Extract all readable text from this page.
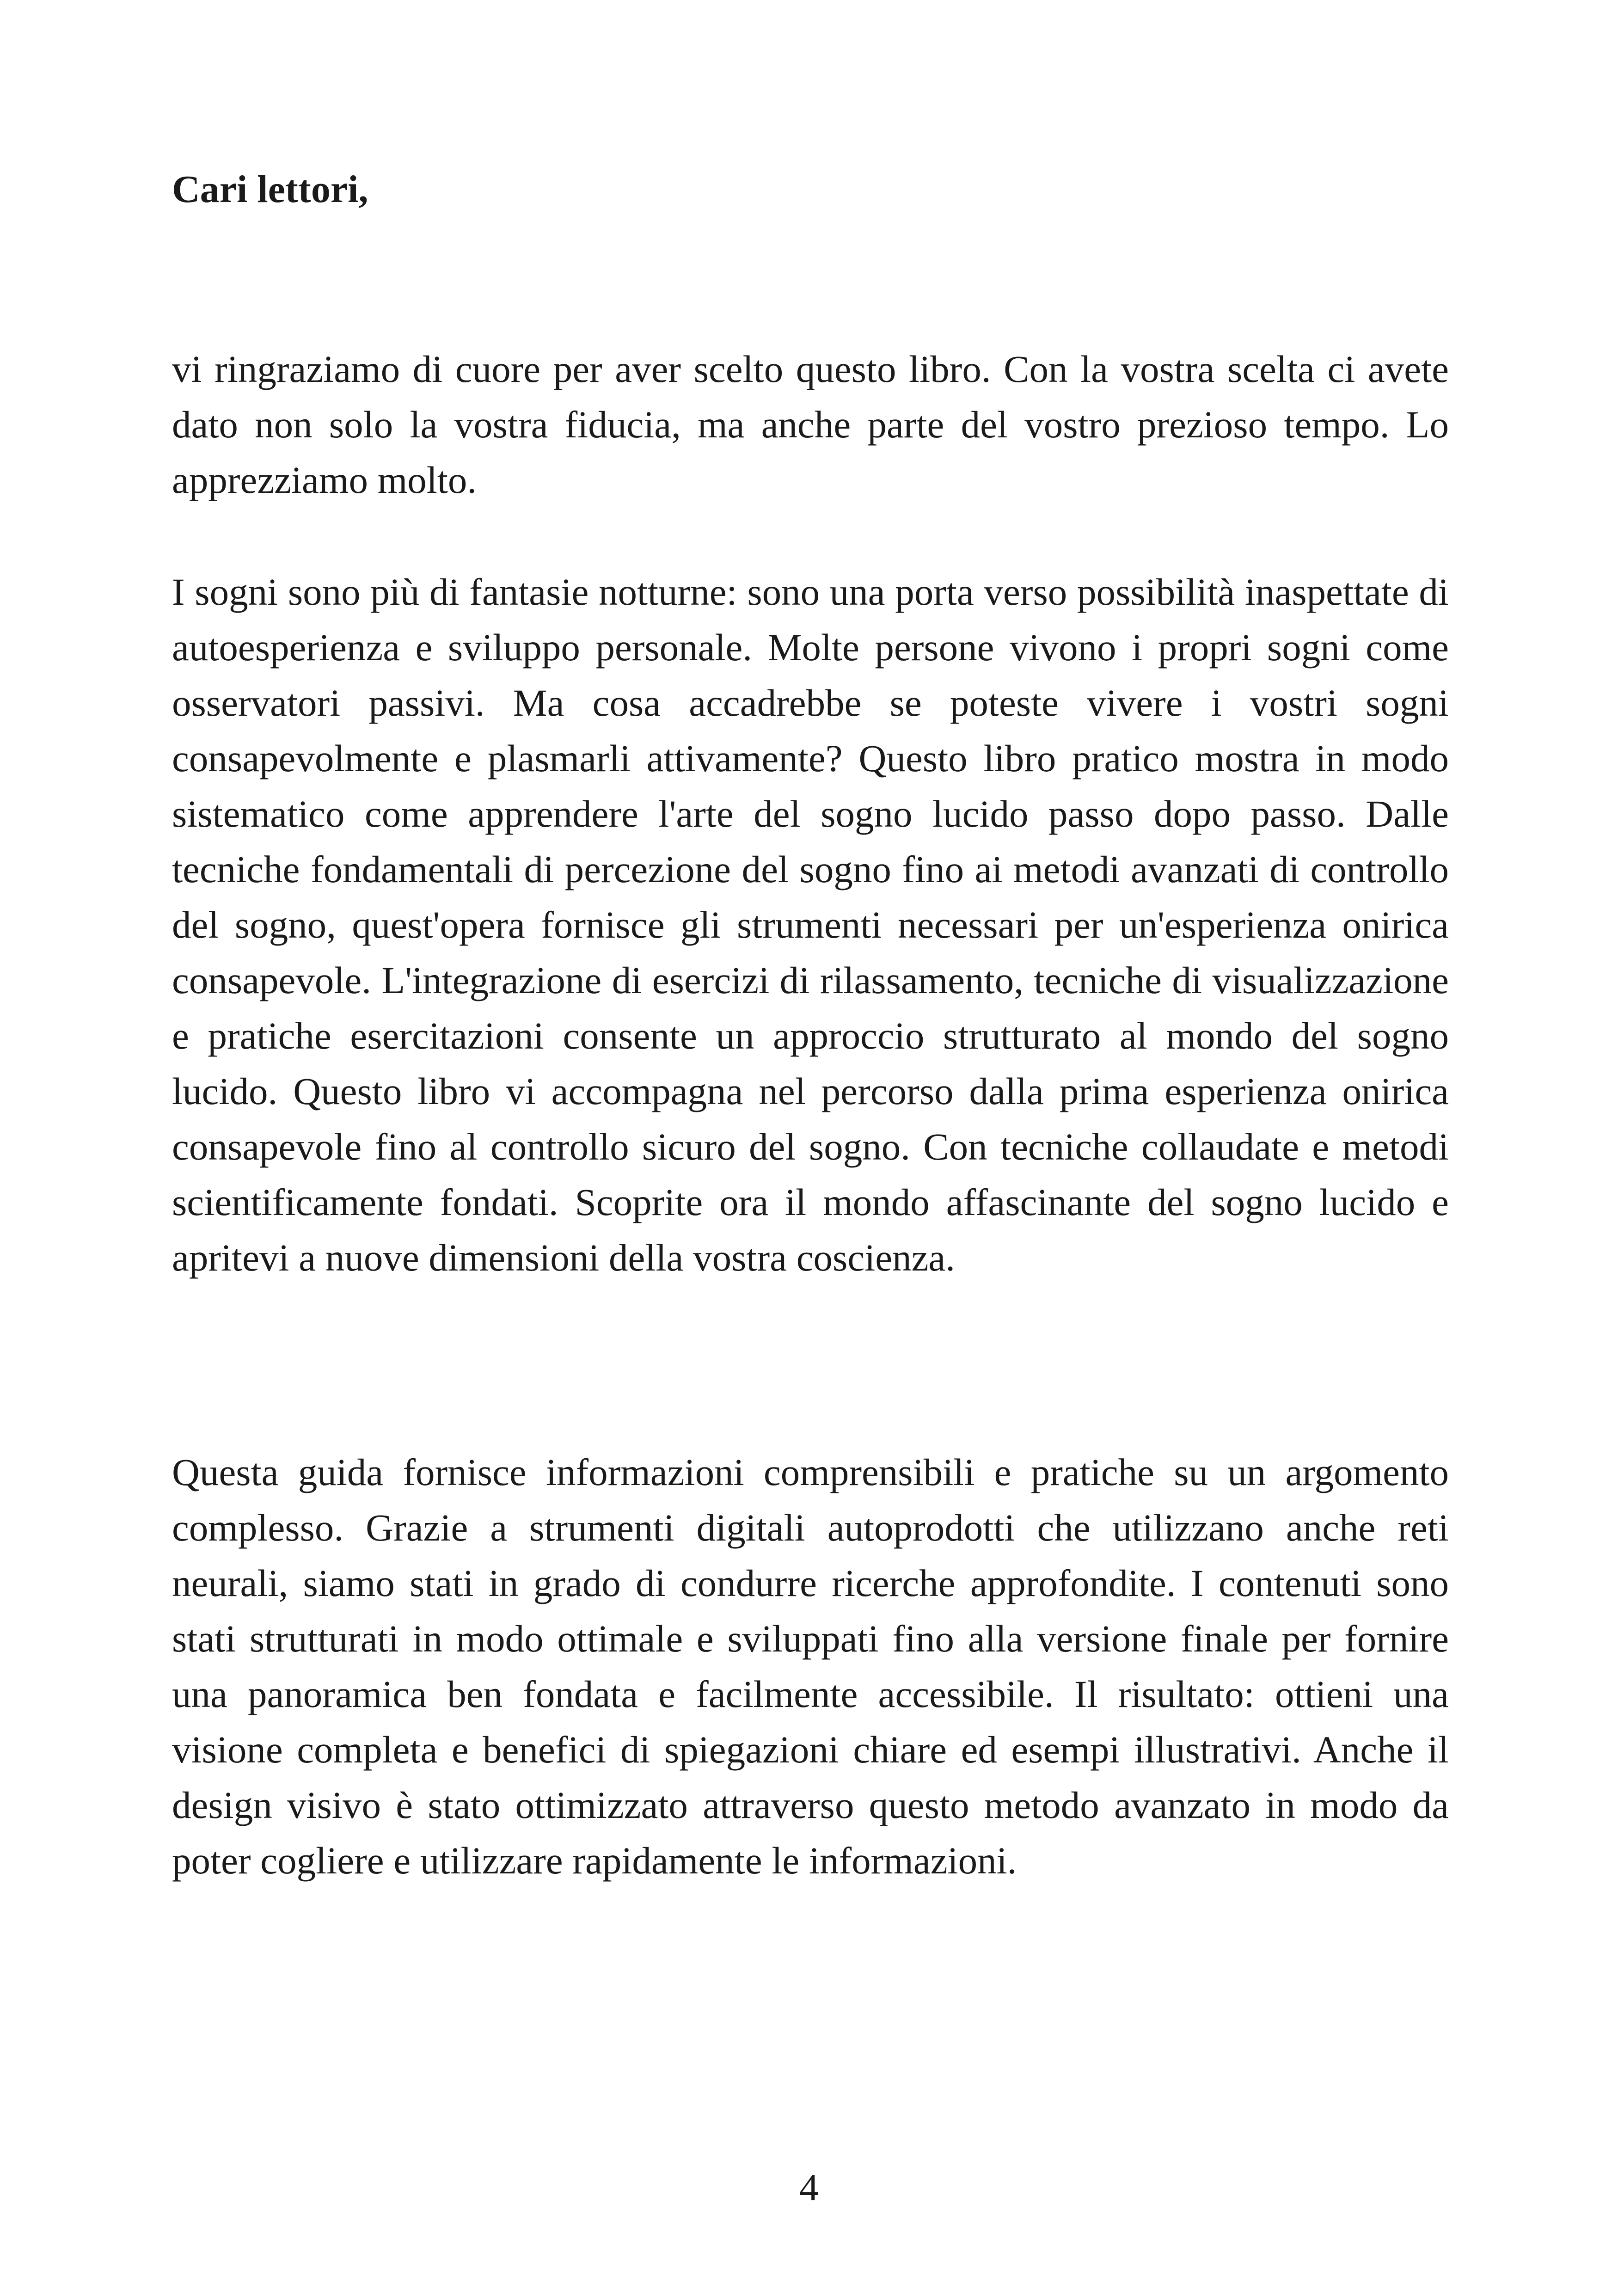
Cari lettori,

vi ringraziamo di cuore per aver scelto questo libro. Con la vostra scelta ci avete dato non solo la vostra fiducia, ma anche parte del vostro prezioso tempo. Lo apprezziamo molto.

I sogni sono più di fantasie notturne: sono una porta verso possibilità inaspettate di autoesperienza e sviluppo personale. Molte persone vivono i propri sogni come osservatori passivi. Ma cosa accadrebbe se poteste vivere i vostri sogni consapevolmente e plasmarli attivamente? Questo libro pratico mostra in modo sistematico come apprendere l'arte del sogno lucido passo dopo passo. Dalle tecniche fondamentali di percezione del sogno fino ai metodi avanzati di controllo del sogno, quest'opera fornisce gli strumenti necessari per un'esperienza onirica consapevole. L'integrazione di esercizi di rilassamento, tecniche di visualizzazione e pratiche esercitazioni consente un approccio strutturato al mondo del sogno lucido. Questo libro vi accompagna nel percorso dalla prima esperienza onirica consapevole fino al controllo sicuro del sogno. Con tecniche collaudate e metodi scientificamente fondati. Scoprite ora il mondo affascinante del sogno lucido e apritevi a nuove dimensioni della vostra coscienza.

Questa guida fornisce informazioni comprensibili e pratiche su un argomento complesso. Grazie a strumenti digitali autoprodotti che utilizzano anche reti neurali, siamo stati in grado di condurre ricerche approfondite. I contenuti sono stati strutturati in modo ottimale e sviluppati fino alla versione finale per fornire una panoramica ben fondata e facilmente accessibile. Il risultato: ottieni una visione completa e benefici di spiegazioni chiare ed esempi illustrativi. Anche il design visivo è stato ottimizzato attraverso questo metodo avanzato in modo da poter cogliere e utilizzare rapidamente le informazioni.

4
